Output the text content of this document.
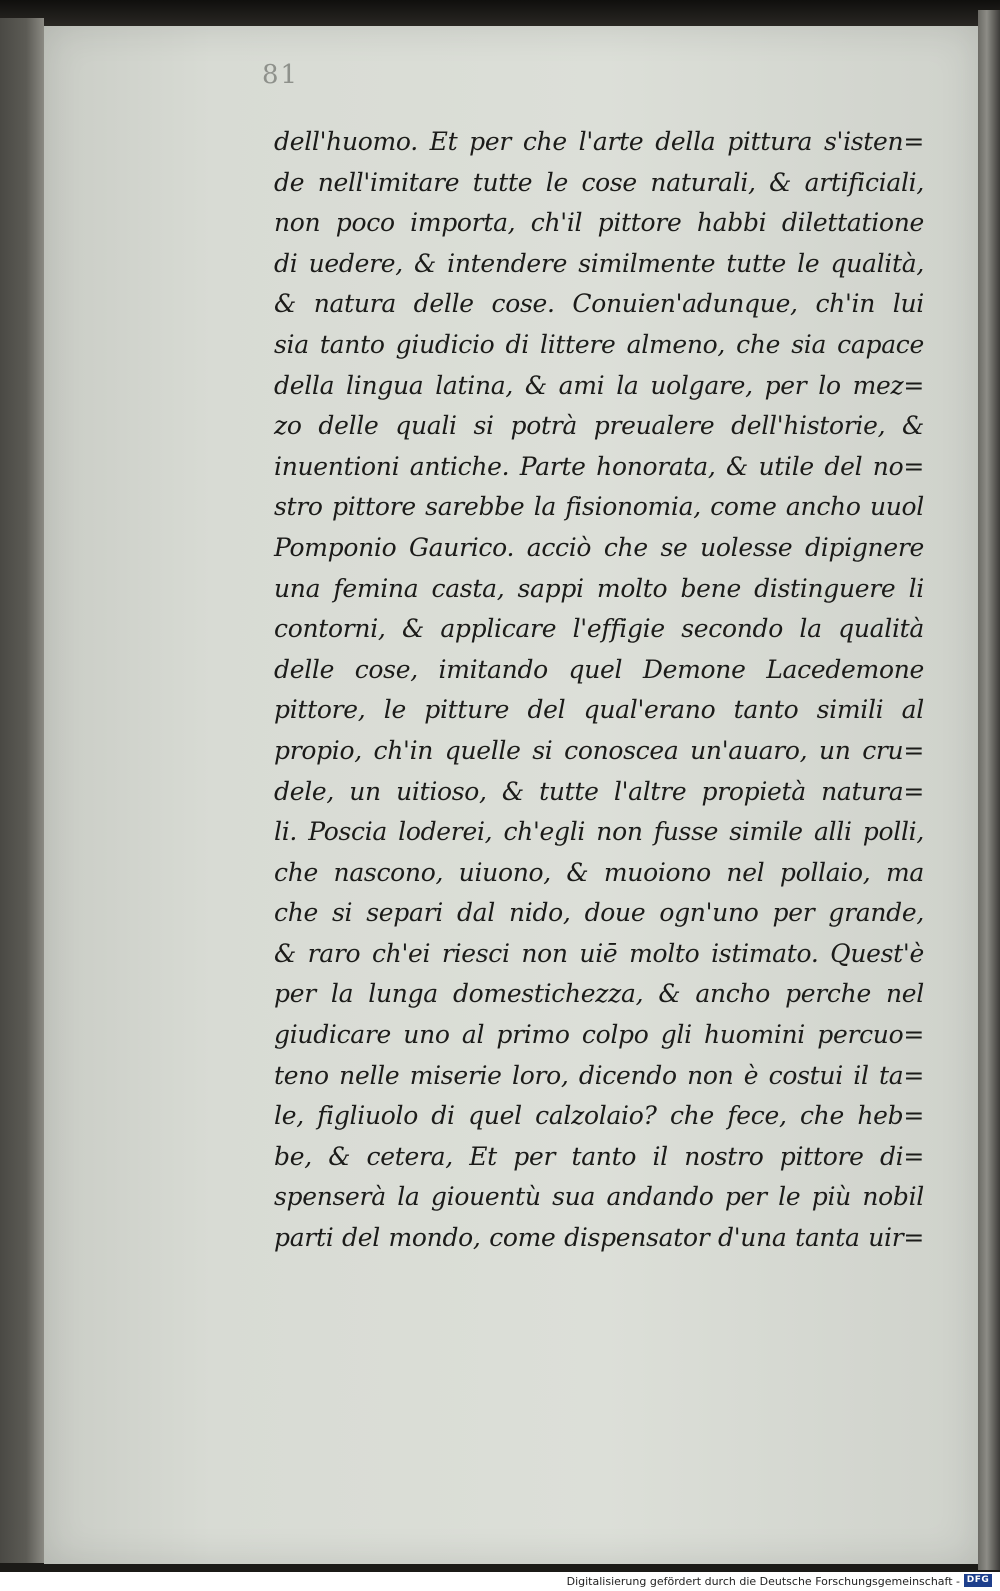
81
dell'huomo. Et per che l'arte della pittura s'isten=
de nell'imitare tutte le cose naturali, & artificiali,
non poco importa, ch'il pittore habbi dilettatione
di uedere, & intendere similmente tutte le qualità,
& natura delle cose. Conuien'adunque, ch'in lui
sia tanto giudicio di littere almeno, che sia capace
della lingua latina, & ami la uolgare, per lo mez=
zo delle quali si potrà preualere dell'historie, &
inuentioni antiche. Parte honorata, & utile del no=
stro pittore sarebbe la fisionomia, come ancho uuol
Pomponio Gaurico. acciò che se uolesse dipignere
una femina casta, sappi molto bene distinguere li
contorni, & applicare l'effigie secondo la qualità
delle cose, imitando quel Demone Lacedemone
pittore, le pitture del qual'erano tanto simili al
propio, ch'in quelle si conoscea un'auaro, un cru=
dele, un uitioso, & tutte l'altre propietà natura=
li. Poscia loderei, ch'egli non fusse simile alli polli,
che nascono, uiuono, & muoiono nel pollaio, ma
che si separi dal nido, doue ogn'uno per grande,
& raro ch'ei riesci non uiē molto istimato. Quest'è
per la lunga domestichezza, & ancho perche nel
giudicare uno al primo colpo gli huomini percuo=
teno nelle miserie loro, dicendo non è costui il ta=
le, figliuolo di quel calzolaio? che fece, che heb=
be, & cetera, Et per tanto il nostro pittore di=
spenserà la giouentù sua andando per le più nobil
parti del mondo, come dispensator d'una tanta uir=
Digitalisierung gefördert durch die Deutsche Forschungsgemeinschaft - DFG
